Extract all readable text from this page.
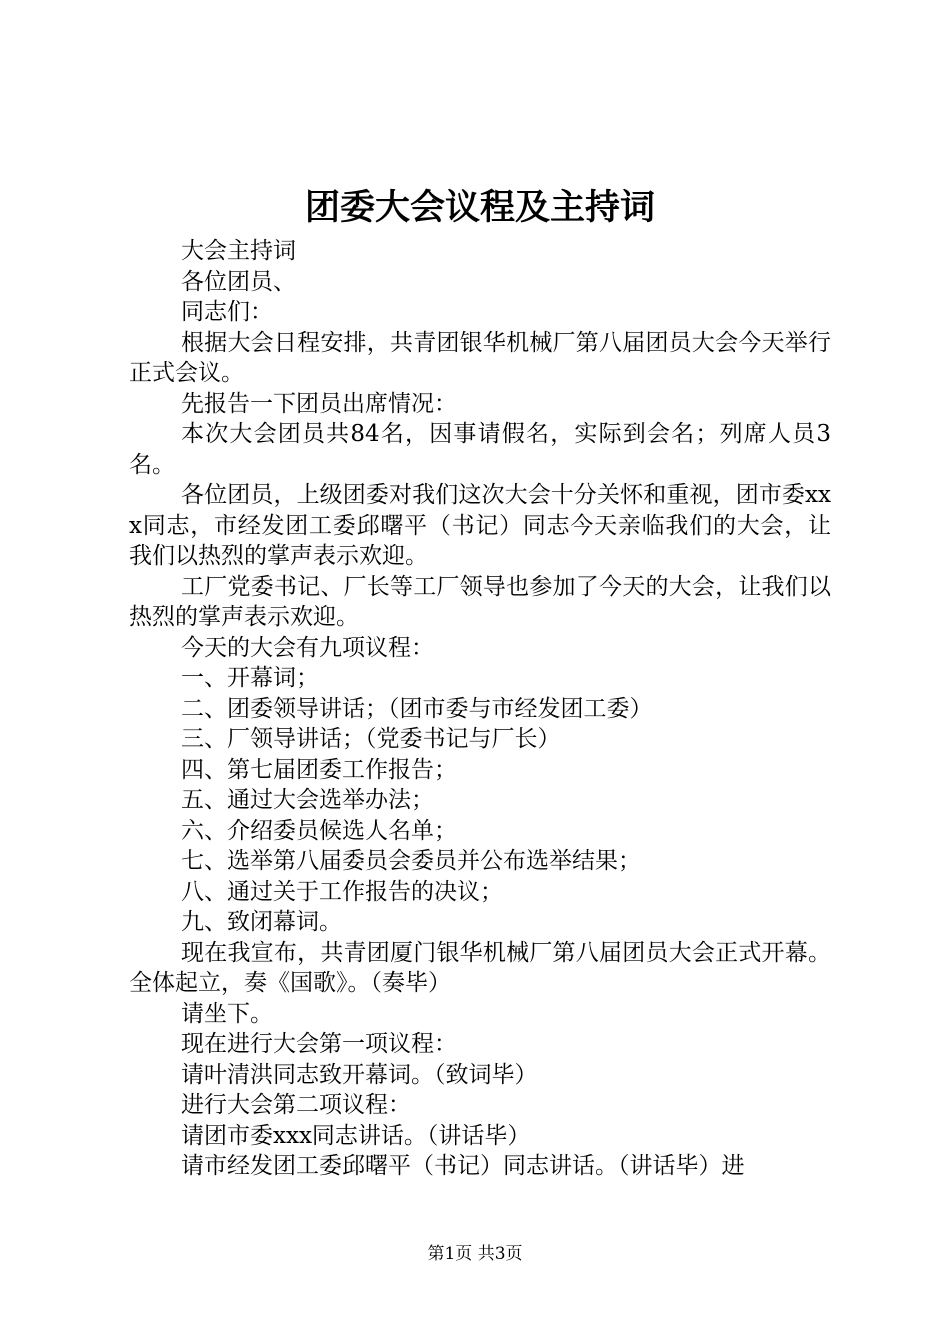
团委大会议程及主持词

大会主持词

各位团员、

同志们：

根据大会日程安排，共青团银华机械厂第八届团员大会今天举行正式会议。

先报告一下团员出席情况：

本次大会团员共84名，因事请假名，实际到会名；列席人员3名。

各位团员，上级团委对我们这次大会十分关怀和重视，团市委xxx同志，市经发团工委邱曙平（书记）同志今天亲临我们的大会，让我们以热烈的掌声表示欢迎。

工厂党委书记、厂长等工厂领导也参加了今天的大会，让我们以热烈的掌声表示欢迎。

今天的大会有九项议程：

一、开幕词；

二、团委领导讲话；（团市委与市经发团工委）

三、厂领导讲话；（党委书记与厂长）

四、第七届团委工作报告；

五、通过大会选举办法；

六、介绍委员候选人名单；

七、选举第八届委员会委员并公布选举结果；

八、通过关于工作报告的决议；

九、致闭幕词。

现在我宣布，共青团厦门银华机械厂第八届团员大会正式开幕。全体起立，奏《国歌》。（奏毕）

请坐下。

现在进行大会第一项议程：

请叶清洪同志致开幕词。（致词毕）

进行大会第二项议程：

请团市委xxx同志讲话。（讲话毕）

请市经发团工委邱曙平（书记）同志讲话。（讲话毕）进

第1页 共3页
